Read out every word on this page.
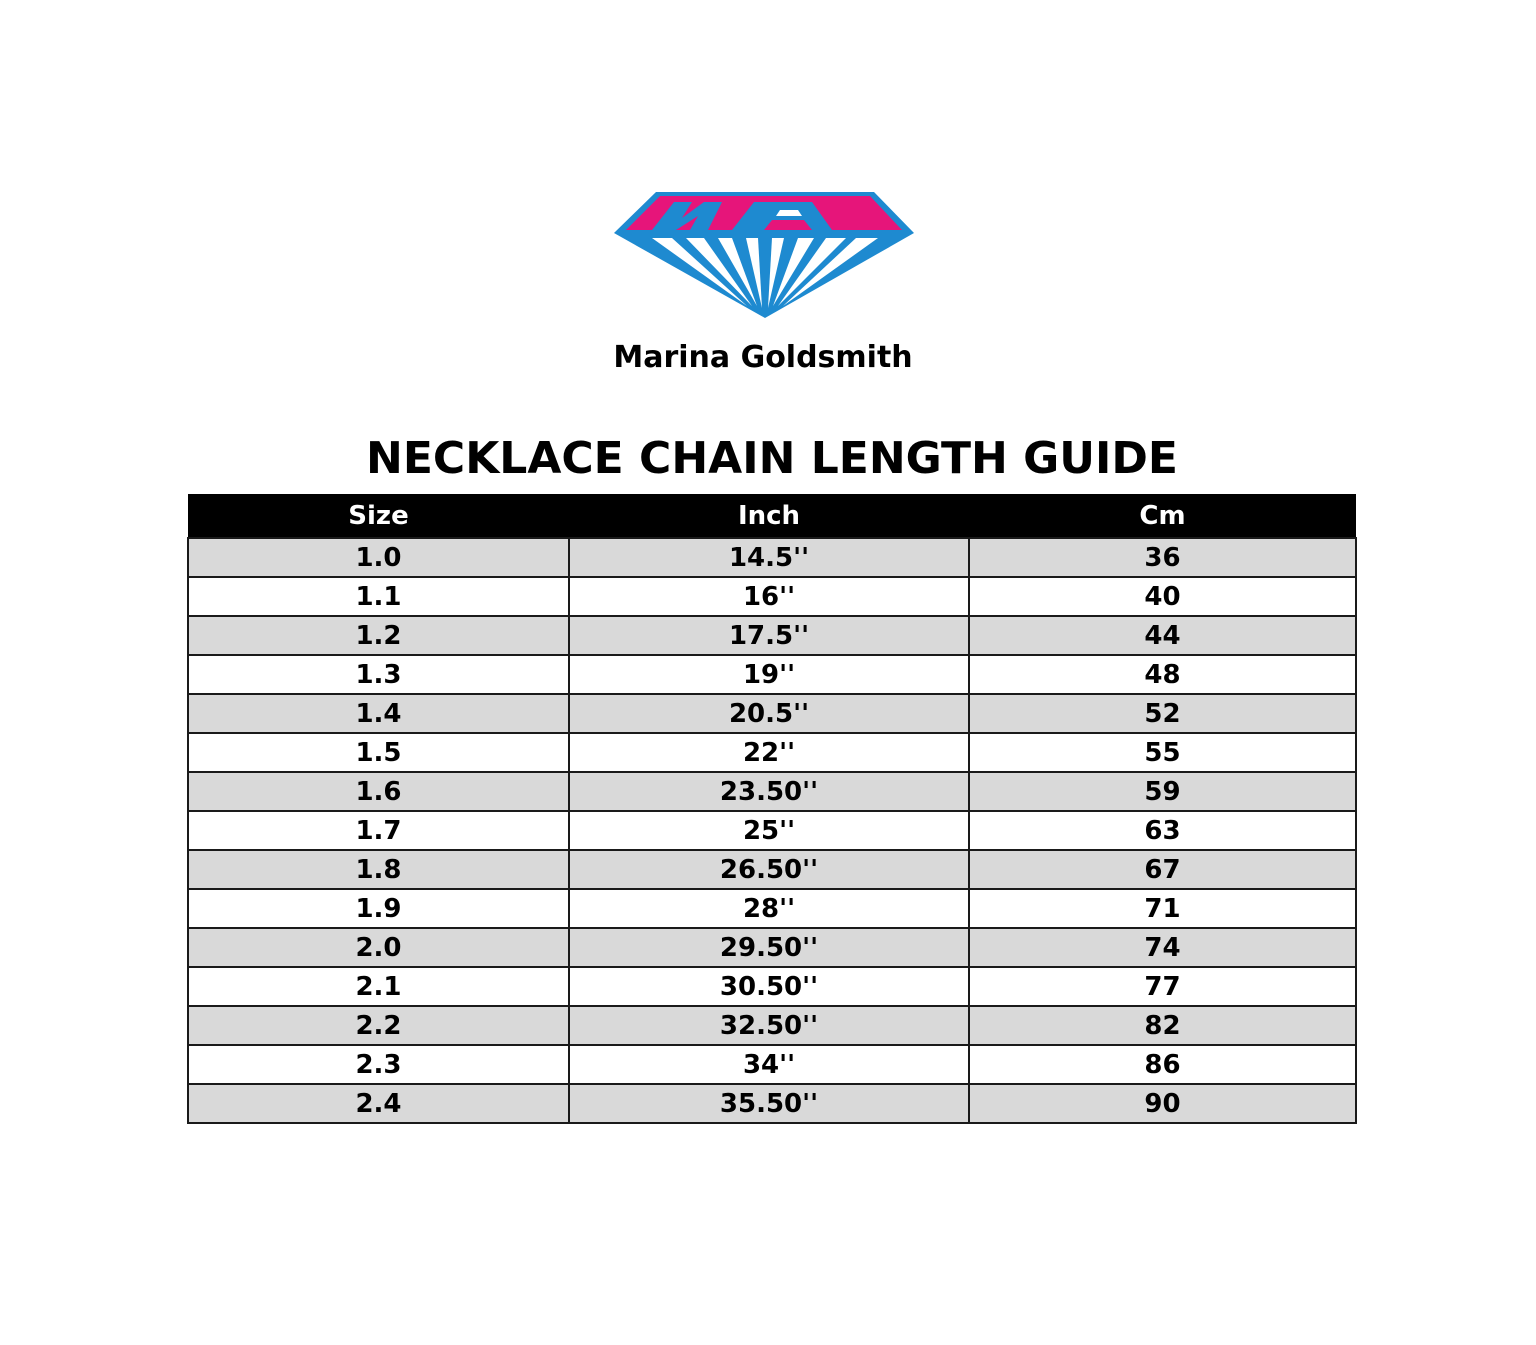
Marina Goldsmith
NECKLACE CHAIN LENGTH GUIDE
Size	Inch	Cm
1.0	14.5''	36
1.1	16''	40
1.2	17.5''	44
1.3	19''	48
1.4	20.5''	52
1.5	22''	55
1.6	23.50''	59
1.7	25''	63
1.8	26.50''	67
1.9	28''	71
2.0	29.50''	74
2.1	30.50''	77
2.2	32.50''	82
2.3	34''	86
2.4	35.50''	90
